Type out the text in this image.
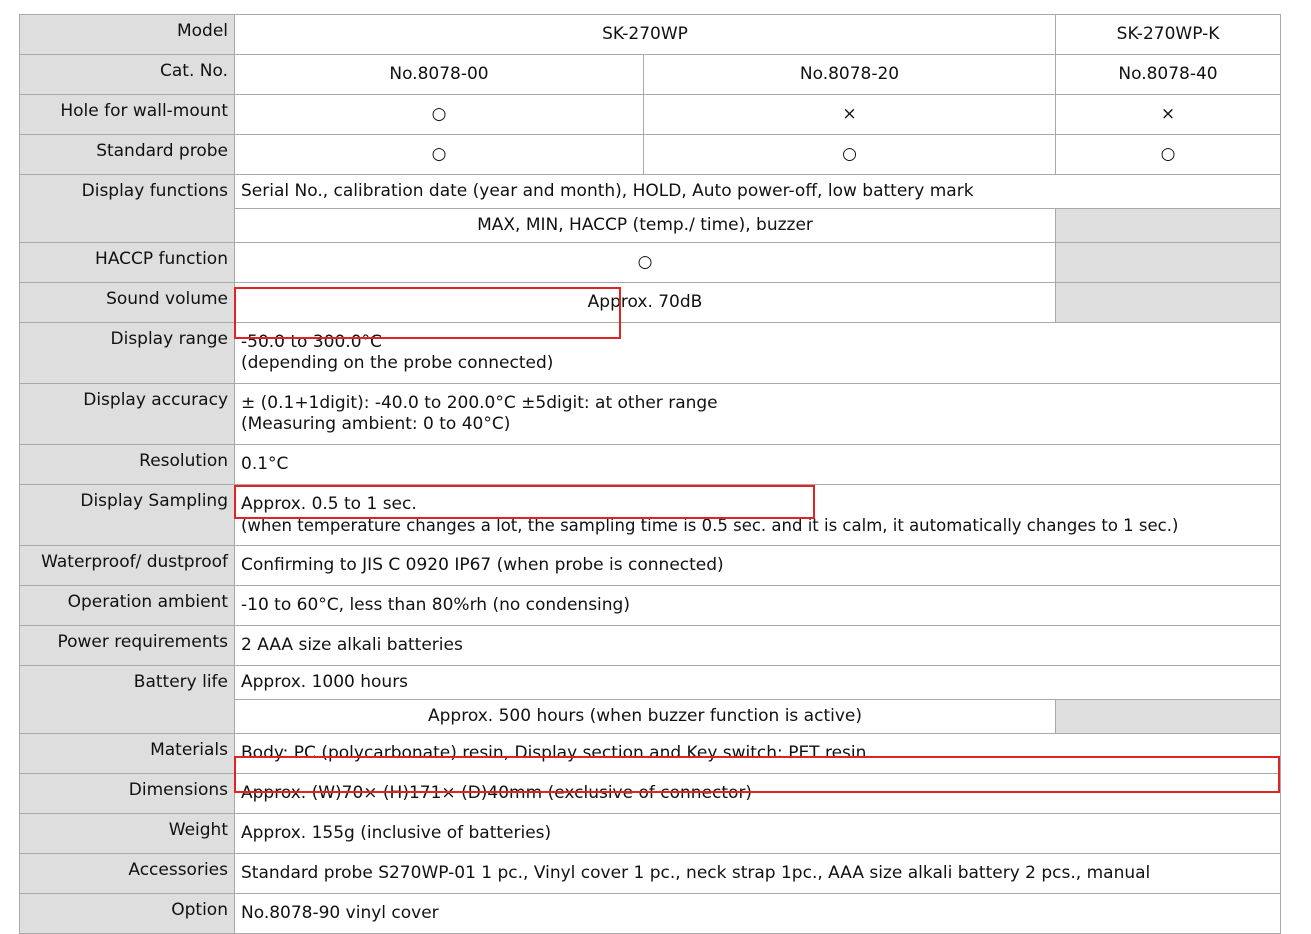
Model	SK-270WP		SK-270WP-K
Cat. No.	No.8078-00	No.8078-20	No.8078-40
Hole for wall-mount	○	×	×
Standard probe	○	○	○
Display functions	Serial No., calibration date (year and month), HOLD, Auto power-off, low battery mark		
	MAX, MIN, HACCP (temp./ time), buzzer		
HACCP function	○		
Sound volume	Approx. 70dB		
Display range	-50.0 to 300.0°C
(depending on the probe connected)		

Display accuracy	± (0.1+1digit): -40.0 to 200.0°C ±5digit: at other range
(Measuring ambient: 0 to 40°C)		

Resolution	0.1°C		
Display Sampling	Approx. 0.5 to 1 sec.
(when temperature changes a lot, the sampling time is 0.5 sec. and it is calm, it automatically changes to 1 sec.)		

Waterproof/ dustproof	Confirming to JIS C 0920 IP67 (when probe is connected)		
Operation ambient	-10 to 60°C, less than 80%rh (no condensing)		
Power requirements	2 AAA size alkali batteries		
Battery life	Approx. 1000 hours		
	Approx. 500 hours (when buzzer function is active)		
Materials	Body: PC (polycarbonate) resin, Display section and Key switch: PET resin		
Dimensions	Approx. (W)70× (H)171× (D)40mm (exclusive of connector)		
Weight	Approx. 155g (inclusive of batteries)		
Accessories	Standard probe S270WP-01 1 pc., Vinyl cover 1 pc., neck strap 1pc., AAA size alkali battery 2 pcs., manual		
Option	No.8078-90 vinyl cover		
